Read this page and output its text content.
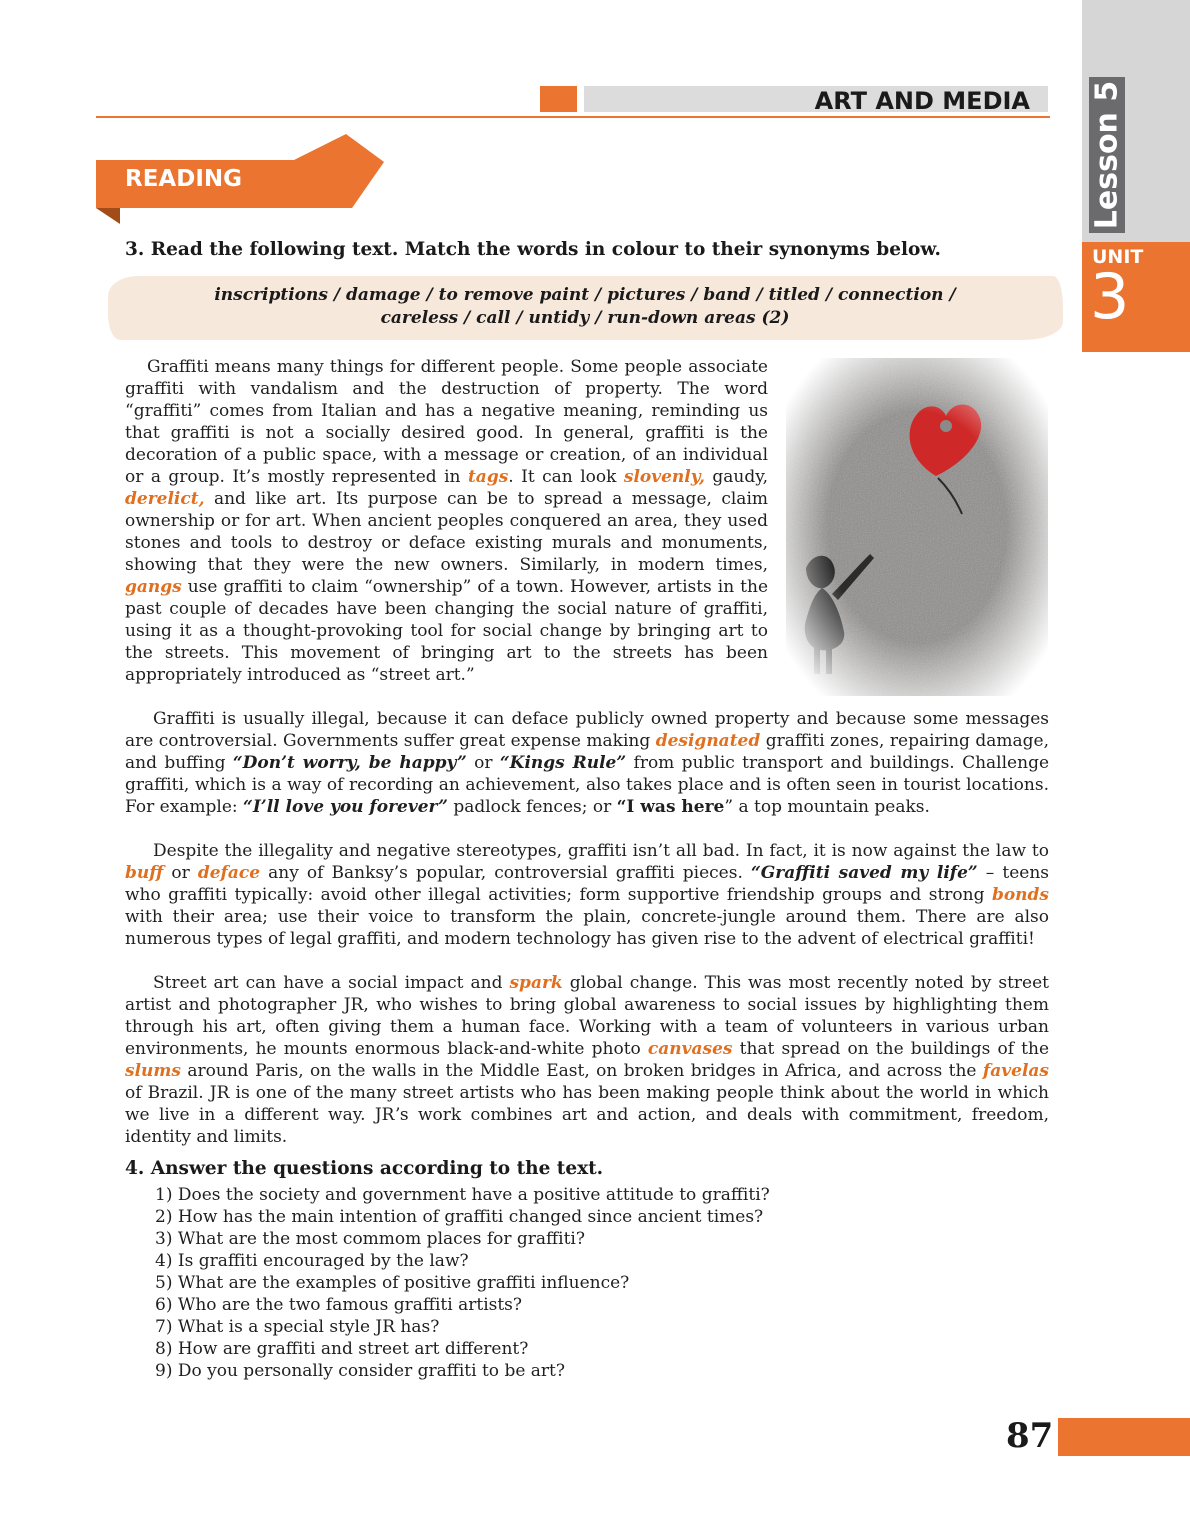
Lesson 5
UNIT
3
ART AND MEDIA
READING
3. Read the following text. Match the words in colour to their synonyms below.
inscriptions / damage / to remove paint / pictures / band / titled / connection /
careless / call / untidy / run-down areas (2)
Graffiti means many things for different people. Some people associate graffiti with vandalism and the destruction of property. The word “graffiti” comes from Italian and has a negative meaning, reminding us that graffiti is not a socially desired good. In general, graffiti is the decoration of a public space, with a message or creation, of an individual or a group. It’s mostly represented in tags. It can look slovenly, gaudy, derelict, and like art. Its purpose can be to spread a message, claim ownership or for art. When ancient peoples conquered an area, they used stones and tools to destroy or deface existing murals and monuments, showing that they were the new owners. Similarly, in modern times, gangs use graffiti to claim “ownership” of a town. However, artists in the past couple of decades have been changing the social nature of graffiti, using it as a thought-provoking tool for social change by bringing art to the streets. This movement of bringing art to the streets has been appropriately introduced as “street art.”
Graffiti is usually illegal, because it can deface publicly owned property and because some messages are controversial. Governments suffer great expense making designated graffiti zones, repairing damage, and buffing “Don’t worry, be happy” or “Kings Rule” from public transport and buildings. Challenge graffiti, which is a way of recording an achievement, also takes place and is often seen in tourist locations. For example: “I’ll love you forever” padlock fences; or “I was here” a top mountain peaks.
Despite the illegality and negative stereotypes, graffiti isn’t all bad. In fact, it is now against the law to buff or deface any of Banksy’s popular, controversial graffiti pieces. “Graffiti saved my life” – teens who graffiti typically: avoid other illegal activities; form supportive friendship groups and strong bonds with their area; use their voice to transform the plain, concrete-jungle around them. There are also numerous types of legal graffiti, and modern technology has given rise to the advent of electrical graffiti!
Street art can have a social impact and spark global change. This was most recently noted by street artist and photographer JR, who wishes to bring global awareness to social issues by highlighting them through his art, often giving them a human face. Working with a team of volunteers in various urban environments, he mounts enormous black-and-white photo canvases that spread on the buildings of the slums around Paris, on the walls in the Middle East, on broken bridges in Africa, and across the favelas of Brazil. JR is one of the many street artists who has been making people think about the world in which we live in a different way. JRʼs work combines art and action, and deals with commitment, freedom, identity and limits.
4. Answer the questions according to the text.
1) Does the society and government have a positive attitude to graffiti?
2) How has the main intention of graffiti changed since ancient times?
3) What are the most commom places for graffiti?
4) Is graffiti encouraged by the law?
5) What are the examples of positive graffiti influence?
6) Who are the two famous graffiti artists?
7) What is a special style JR has?
8) How are graffiti and street art different?
9) Do you personally consider graffiti to be art?
87
